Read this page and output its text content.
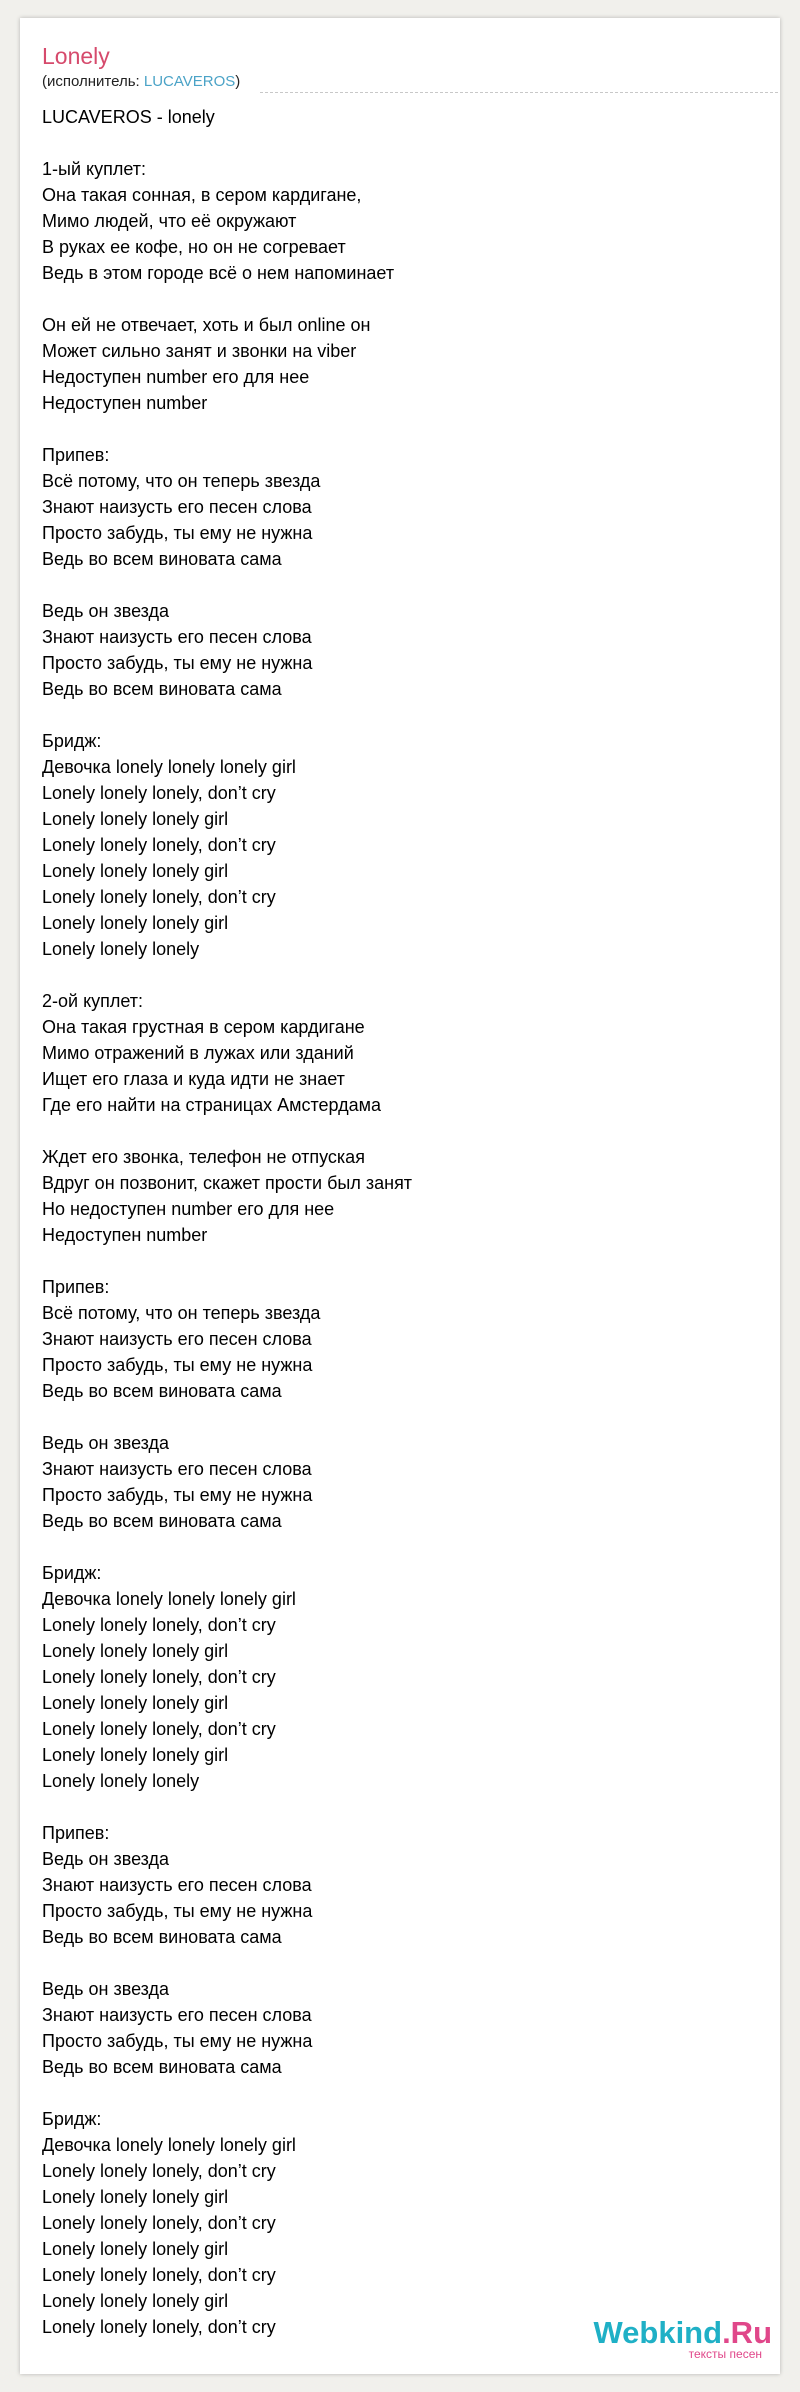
Lonely
(исполнитель: LUCAVEROS)
LUCAVEROS - lonely
1-ый куплет:
Она такая сонная, в сером кардигане,
Мимо людей, что её окружают
В руках ее кофе, но он не согревает
Ведь в этом городе всё о нем напоминает
Он ей не отвечает, хоть и был online он
Может сильно занят и звонки на viber
Недоступен number его для нее
Недоступен number
Припев:
Всё потому, что он теперь звезда
Знают наизусть его песен слова
Просто забудь, ты ему не нужна
Ведь во всем виновата сама
Ведь он звезда
Знают наизусть его песен слова
Просто забудь, ты ему не нужна
Ведь во всем виновата сама
Бридж:
Девочка lonely lonely lonely girl
Lonely lonely lonely, don’t cry
Lonely lonely lonely girl
Lonely lonely lonely, don’t cry
Lonely lonely lonely girl
Lonely lonely lonely, don’t cry
Lonely lonely lonely girl
Lonely lonely lonely
2-ой куплет:
Она такая грустная в сером кардигане
Мимо отражений в лужах или зданий
Ищет его глаза и куда идти не знает
Где его найти на страницах Амстердама
Ждет его звонка, телефон не отпуская
Вдруг он позвонит, скажет прости был занят
Но недоступен number его для нее
Недоступен number
Припев:
Всё потому, что он теперь звезда
Знают наизусть его песен слова
Просто забудь, ты ему не нужна
Ведь во всем виновата сама
Ведь он звезда
Знают наизусть его песен слова
Просто забудь, ты ему не нужна
Ведь во всем виновата сама
Бридж:
Девочка lonely lonely lonely girl
Lonely lonely lonely, don’t cry
Lonely lonely lonely girl
Lonely lonely lonely, don’t cry
Lonely lonely lonely girl
Lonely lonely lonely, don’t cry
Lonely lonely lonely girl
Lonely lonely lonely
Припев:
Ведь он звезда
Знают наизусть его песен слова
Просто забудь, ты ему не нужна
Ведь во всем виновата сама
Ведь он звезда
Знают наизусть его песен слова
Просто забудь, ты ему не нужна
Ведь во всем виновата сама
Бридж:
Девочка lonely lonely lonely girl
Lonely lonely lonely, don’t cry
Lonely lonely lonely girl
Lonely lonely lonely, don’t cry
Lonely lonely lonely girl
Lonely lonely lonely, don’t cry
Lonely lonely lonely girl
Lonely lonely lonely, don’t cry	Webkind.Ru
тексты песен
